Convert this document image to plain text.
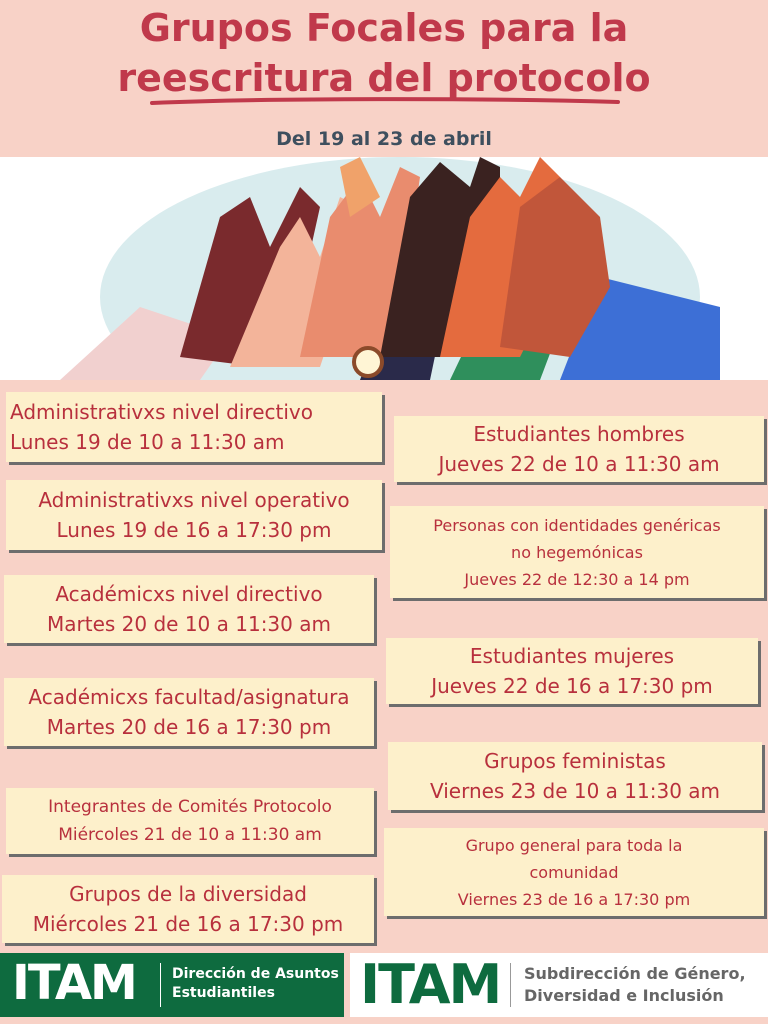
Grupos Focales para la
reescritura del protocolo
Del 19 al 23 de abril
Administrativxs nivel directivo
Lunes 19 de 10 a 11:30 am
Administrativxs nivel operativo
Lunes 19 de 16 a 17:30 pm
Académicxs nivel directivo
Martes 20 de 10 a 11:30 am
Académicxs facultad/asignatura
Martes 20 de 16 a 17:30 pm
Integrantes de Comités Protocolo
Miércoles 21 de 10 a 11:30 am
Grupos de la diversidad
Miércoles 21 de 16 a 17:30 pm
Estudiantes hombres
Jueves 22 de 10 a 11:30 am
Personas con identidades genéricas
no hegemónicas
Jueves 22 de 12:30 a 14 pm
Estudiantes mujeres
Jueves 22 de 16 a 17:30 pm
Grupos feministas
Viernes 23 de 10 a 11:30 am
Grupo general para toda la
comunidad
Viernes 23 de 16 a 17:30 pm
ITAM	Dirección de Asuntos
Estudiantiles	ITAM Subdirección de Género,
Diversidad e Inclusión
